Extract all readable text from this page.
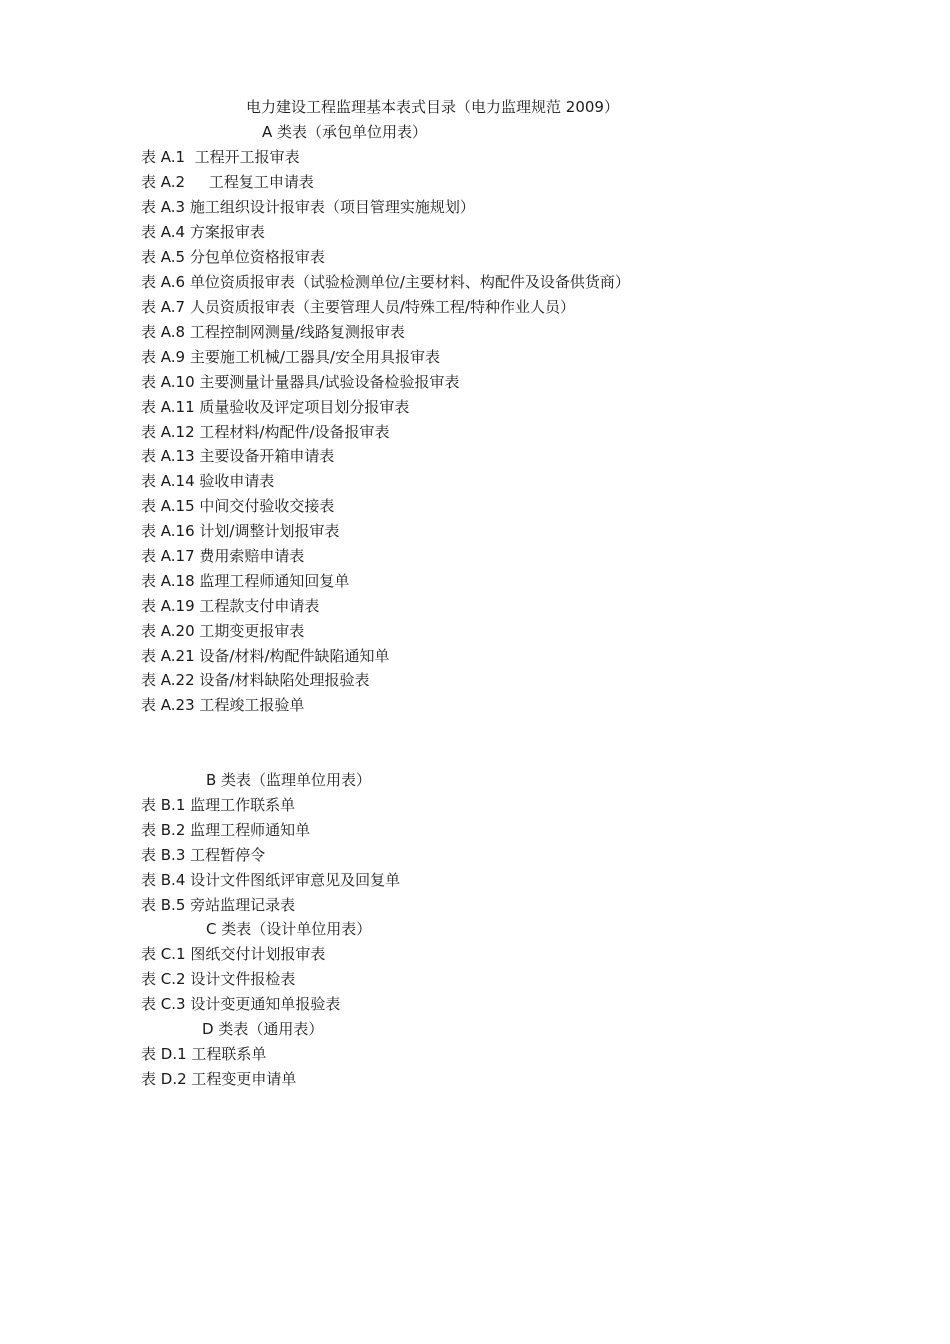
电力建设工程监理基本表式目录（电力监理规范 2009）
A 类表（承包单位用表）
表 A.1  工程开工报审表
表 A.2     工程复工申请表
表 A.3 施工组织设计报审表（项目管理实施规划）
表 A.4 方案报审表
表 A.5 分包单位资格报审表
表 A.6 单位资质报审表（试验检测单位/主要材料、构配件及设备供货商）
表 A.7 人员资质报审表（主要管理人员/特殊工程/特种作业人员）
表 A.8 工程控制网测量/线路复测报审表
表 A.9 主要施工机械/工器具/安全用具报审表
表 A.10 主要测量计量器具/试验设备检验报审表
表 A.11 质量验收及评定项目划分报审表
表 A.12 工程材料/构配件/设备报审表
表 A.13 主要设备开箱申请表
表 A.14 验收申请表
表 A.15 中间交付验收交接表
表 A.16 计划/调整计划报审表
表 A.17 费用索赔申请表
表 A.18 监理工程师通知回复单
表 A.19 工程款支付申请表
表 A.20 工期变更报审表
表 A.21 设备/材料/构配件缺陷通知单
表 A.22 设备/材料缺陷处理报验表
表 A.23 工程竣工报验单
B 类表（监理单位用表）
表 B.1 监理工作联系单
表 B.2 监理工程师通知单
表 B.3 工程暂停令
表 B.4 设计文件图纸评审意见及回复单
表 B.5 旁站监理记录表
C 类表（设计单位用表）
表 C.1 图纸交付计划报审表
表 C.2 设计文件报检表
表 C.3 设计变更通知单报验表
D 类表（通用表）
表 D.1 工程联系单
表 D.2 工程变更申请单
